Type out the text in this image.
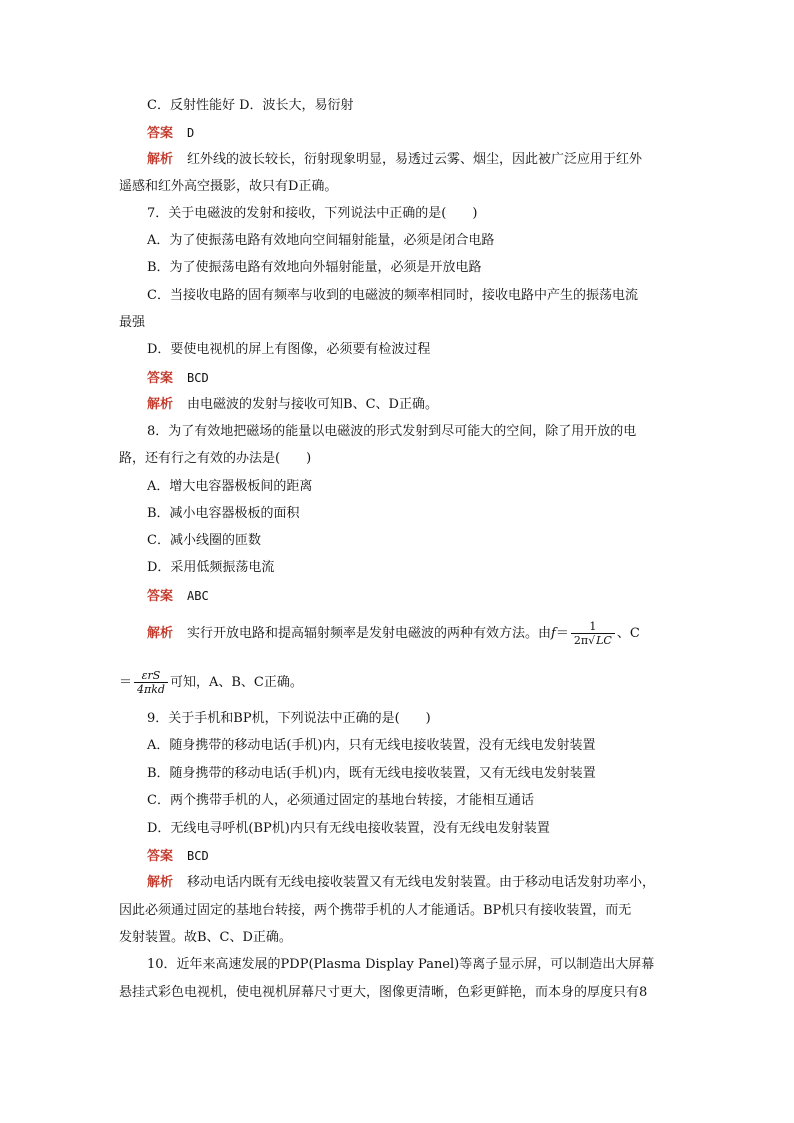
C．反射性能好 D．波长大，易衍射
答案 D
解析 红外线的波长较长，衍射现象明显，易透过云雾、烟尘，因此被广泛应用于红外
遥感和红外高空摄影，故只有D正确。
7．关于电磁波的发射和接收，下列说法中正确的是(　　)
A．为了使振荡电路有效地向空间辐射能量，必须是闭合电路
B．为了使振荡电路有效地向外辐射能量，必须是开放电路
C．当接收电路的固有频率与收到的电磁波的频率相同时，接收电路中产生的振荡电流
最强
D．要使电视机的屏上有图像，必须要有检波过程
答案 BCD
解析 由电磁波的发射与接收可知B、C、D正确。
8．为了有效地把磁场的能量以电磁波的形式发射到尽可能大的空间，除了用开放的电
路，还有行之有效的办法是(　　)
A．增大电容器极板间的距离
B．减小电容器极板的面积
C．减小线圈的匝数
D．采用低频振荡电流
答案 ABC
解析 实行开放电路和提高辐射频率是发射电磁波的两种有效方法。由$f= \frac{1}{2\pi√LC}$ 、C
＝ $\frac{\text{εrS}}{\text{4πkd}}$ 可知，A、B、C正确。
9．关于手机和BP机，下列说法中正确的是(　　)
A．随身携带的移动电话(手机)内，只有无线电接收装置，没有无线电发射装置
B．随身携带的移动电话(手机)内，既有无线电接收装置，又有无线电发射装置
C．两个携带手机的人，必须通过固定的基地台转接，才能相互通话
D．无线电寻呼机(BP机)内只有无线电接收装置，没有无线电发射装置
答案 BCD
解析 移动电话内既有无线电接收装置又有无线电发射装置。由于移动电话发射功率小，
因此必须通过固定的基地台转接，两个携带手机的人才能通话。BP机只有接收装置，而无
发射装置。故B、C、D正确。
10．近年来高速发展的PDP(Plasma Display Panel)等离子显示屏，可以制造出大屏幕
悬挂式彩色电视机，使电视机屏幕尺寸更大，图像更清晰，色彩更鲜艳，而本身的厚度只有8
